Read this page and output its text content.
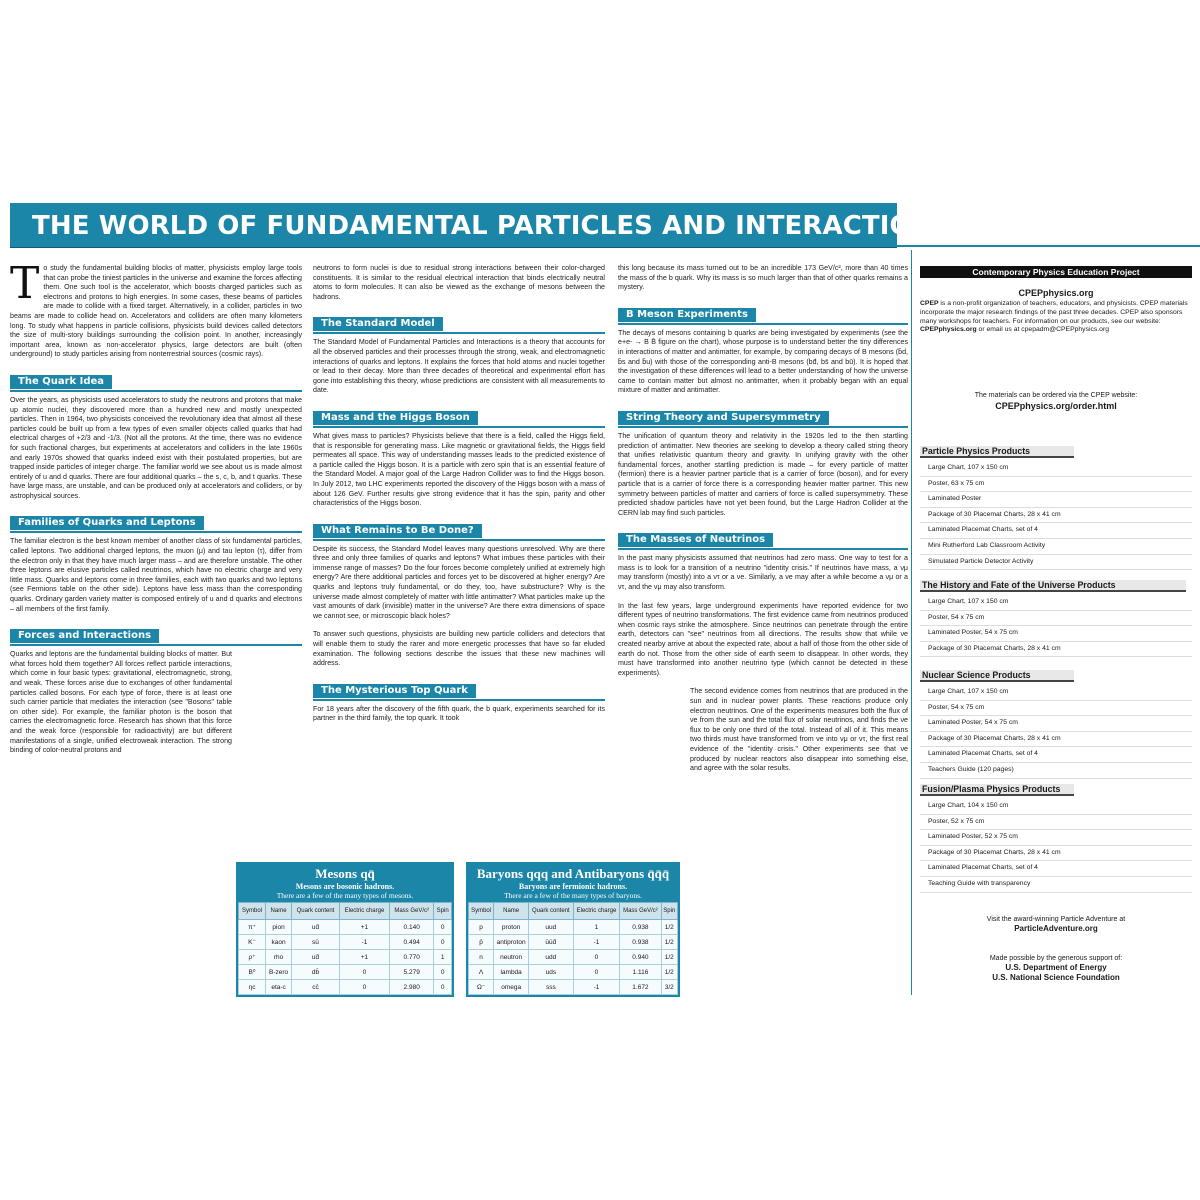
THE WORLD OF FUNDAMENTAL PARTICLES AND INTERACTIONS

To study the fundamental building blocks of matter, physicists employ large tools that can probe the tiniest particles in the universe and examine the forces affecting them. One such tool is the accelerator, which boosts charged particles such as electrons and protons to high energies. In some cases, these beams of particles are made to collide with a fixed target. Alternatively, in a collider, particles in two beams are made to collide head on. Accelerators and colliders are often many kilometers long. To study what happens in particle collisions, physicists build devices called detectors the size of multi-story buildings surrounding the collision point. In another, increasingly important area, known as non-accelerator physics, large detectors are built (often underground) to study particles arising from nonterrestrial sources (cosmic rays).

The Quark Idea

Over the years, as physicists used accelerators to study the neutrons and protons that make up atomic nuclei, they discovered more than a hundred new and mostly unexpected particles. Then in 1964, two physicists conceived the revolutionary idea that almost all these particles could be built up from a few types of even smaller objects called quarks that had electrical charges of +2/3 and -1/3. (Not all the protons. At the time, there was no evidence for such fractional charges, but experiments at accelerators and colliders in the late 1960s and early 1970s showed that quarks indeed exist with their postulated properties, but are trapped inside particles of integer charge. The familiar world we see about us is made almost entirely of u and d quarks. There are four additional quarks – the s, c, b, and t quarks. These have large mass, are unstable, and can be produced only at accelerators and colliders, or by astrophysical sources.

Families of Quarks and Leptons

The familiar electron is the best known member of another class of six fundamental particles, called leptons. Two additional charged leptons, the muon (μ) and tau lepton (τ), differ from the electron only in that they have much larger mass – and are therefore unstable. The other three leptons are elusive particles called neutrinos, which have no electric charge and very little mass. Quarks and leptons come in three families, each with two quarks and two leptons (see Fermions table on the other side). Leptons have less mass than the corresponding quarks. Ordinary garden variety matter is composed entirely of u and d quarks and electrons – all members of the first family.

Forces and Interactions

Quarks and leptons are the fundamental building blocks of matter. But what forces hold them together? All forces reflect particle interactions, which come in four basic types: gravitational, electromagnetic, strong, and weak. These forces arise due to exchanges of other fundamental particles called bosons. For each type of force, there is at least one such carrier particle that mediates the interaction (see "Bosons" table on other side). For example, the familiar photon is the boson that carries the electromagnetic force. Research has shown that this force and the weak force (responsible for radioactivity) are but different manifestations of a single, unified electroweak interaction. The strong binding of color-neutral protons and

neutrons to form nuclei is due to residual strong interactions between their color-charged constituents. It is similar to the residual electrical interaction that binds electrically neutral atoms to form molecules. It can also be viewed as the exchange of mesons between the hadrons.

The Standard Model

The Standard Model of Fundamental Particles and Interactions is a theory that accounts for all the observed particles and their processes through the strong, weak, and electromagnetic interactions of quarks and leptons. It explains the forces that hold atoms and nuclei together or lead to their decay. More than three decades of theoretical and experimental effort has gone into establishing this theory, whose predictions are consistent with all measurements to date.

Mass and the Higgs Boson

What gives mass to particles? Physicists believe that there is a field, called the Higgs field, that is responsible for generating mass. Like magnetic or gravitational fields, the Higgs field permeates all space. This way of understanding masses leads to the predicted existence of a particle called the Higgs boson. It is a particle with zero spin that is an essential feature of the Standard Model. A major goal of the Large Hadron Collider was to find the Higgs boson. In July 2012, two LHC experiments reported the discovery of the Higgs boson with a mass of about 126 GeV. Further results give strong evidence that it has the spin, parity and other characteristics of the Higgs boson.

What Remains to Be Done?

Despite its success, the Standard Model leaves many questions unresolved. Why are there three and only three families of quarks and leptons? What imbues these particles with their immense range of masses? Do the four forces become completely unified at extremely high energy? Are there additional particles and forces yet to be discovered at higher energy? Are quarks and leptons truly fundamental, or do they, too, have substructure? Why is the universe made almost completely of matter with little antimatter? What particles make up the vast amounts of dark (invisible) matter in the universe? Are there extra dimensions of space we cannot see, or microscopic black holes?

To answer such questions, physicists are building new particle colliders and detectors that will enable them to study the rarer and more energetic processes that have so far eluded examination. The following sections describe the issues that these new machines will address.

The Mysterious Top Quark

For 18 years after the discovery of the fifth quark, the b quark, experiments searched for its partner in the third family, the top quark. It took

this long because its mass turned out to be an incredible 173 GeV/c², more than 40 times the mass of the b quark. Why its mass is so much larger than that of other quarks remains a mystery.

B Meson Experiments

The decays of mesons containing b quarks are being investigated by experiments (see the e+e- → B B̄ figure on the chart), whose purpose is to understand better the tiny differences in interactions of matter and antimatter, for example, by comparing decays of B mesons (b̄d, b̄s and b̄u) with those of the corresponding anti-B mesons (bd̄, bs̄ and bū). It is hoped that the investigation of these differences will lead to a better understanding of how the universe came to contain matter but almost no antimatter, when it probably began with an equal mixture of matter and antimatter.

String Theory and Supersymmetry

The unification of quantum theory and relativity in the 1920s led to the then startling prediction of antimatter. New theories are seeking to develop a theory called string theory that unifies relativistic quantum theory and gravity. In unifying gravity with the other fundamental forces, another startling prediction is made – for every particle of matter (fermion) there is a heavier partner particle that is a carrier of force (boson), and for every particle that is a carrier of force there is a corresponding heavier matter partner. This new symmetry between particles of matter and carriers of force is called supersymmetry. These predicted shadow particles have not yet been found, but the Large Hadron Collider at the CERN lab may find such particles.

The Masses of Neutrinos

In the past many physicists assumed that neutrinos had zero mass. One way to test for a mass is to look for a transition of a neutrino "identity crisis." If neutrinos have mass, a νμ may transform (mostly) into a ντ or a νe. Similarly, a νe may after a while become a νμ or a ντ, and the νμ may also transform.

In the last few years, large underground experiments have reported evidence for two different types of neutrino transformations. The first evidence came from neutrinos produced when cosmic rays strike the atmosphere. Since neutrinos can penetrate through the entire earth, detectors can "see" neutrinos from all directions. The results show that while νe created nearby arrive at about the expected rate, about a half of those from the other side of earth do not. Those from the other side of earth seem to disappear. In other words, they must have transformed into another neutrino type (which cannot be detected in these experiments).

The second evidence comes from neutrinos that are produced in the sun and in nuclear power plants. These reactions produce only electron neutrinos. One of the experiments measures both the flux of νe from the sun and the total flux of solar neutrinos, and finds the νe flux to be only one third of the total. Instead of all of it. This means two thirds must have transformed from νe into νμ or ντ, the first real evidence of the "identity crisis." Other experiments see that νe produced by nuclear reactors also disappear into something else, and agree with the solar results.

Mesons qq̄
Mesons are bosonic hadrons.
There are a few of the many types of mesons.
Symbol	Name	Quark content	Electric charge	Mass GeV/c²	Spin
π⁺	pion	ud̄	+1	0.140	0
K⁻	kaon	sū	-1	0.494	0
ρ⁺	rho	ud̄	+1	0.770	1
B⁰	B-zero	db̄	0	5.279	0
ηc	eta-c	cc̄	0	2.980	0
Baryons qqq and Antibaryons q̄q̄q̄
Baryons are fermionic hadrons.
There are a few of the many types of baryons.
Symbol	Name	Quark content	Electric charge	Mass GeV/c²	Spin
p	proton	uud	1	0.938	1/2
p̄	antiproton	ūūd̄	-1	0.938	1/2
n	neutron	udd	0	0.940	1/2
Λ	lambda	uds	0	1.116	1/2
Ω⁻	omega	sss	-1	1.672	3/2
Contemporary Physics Education Project
CPEPphysics.org
CPEP is a non-profit organization of teachers, educators, and physicists. CPEP materials incorporate the major research findings of the past three decades. CPEP also sponsors many workshops for teachers. For information on our products, see our website: CPEPphysics.org or email us at cpepadm@CPEPphysics.org
The materials can be ordered via the CPEP website:
CPEPphysics.org/order.html
Particle Physics Products
Large Chart, 107 x 150 cm
Poster, 63 x 75 cm
Laminated Poster
Package of 30 Placemat Charts, 28 x 41 cm
Laminated Placemat Charts, set of 4
Mini Rutherford Lab Classroom Activity
Simulated Particle Detector Activity
The History and Fate of the Universe Products
Large Chart, 107 x 150 cm
Poster, 54 x 75 cm
Laminated Poster, 54 x 75 cm
Package of 30 Placemat Charts, 28 x 41 cm
Nuclear Science Products
Large Chart, 107 x 150 cm
Poster, 54 x 75 cm
Laminated Poster, 54 x 75 cm
Package of 30 Placemat Charts, 28 x 41 cm
Laminated Placemat Charts, set of 4
Teachers Guide (120 pages)
Fusion/Plasma Physics Products
Large Chart, 104 x 150 cm
Poster, 52 x 75 cm
Laminated Poster, 52 x 75 cm
Package of 30 Placemat Charts, 28 x 41 cm
Laminated Placemat Charts, set of 4
Teaching Guide with transparency
Visit the award-winning Particle Adventure at
ParticleAdventure.org
Made possible by the generous support of:
U.S. Department of Energy
U.S. National Science Foundation
